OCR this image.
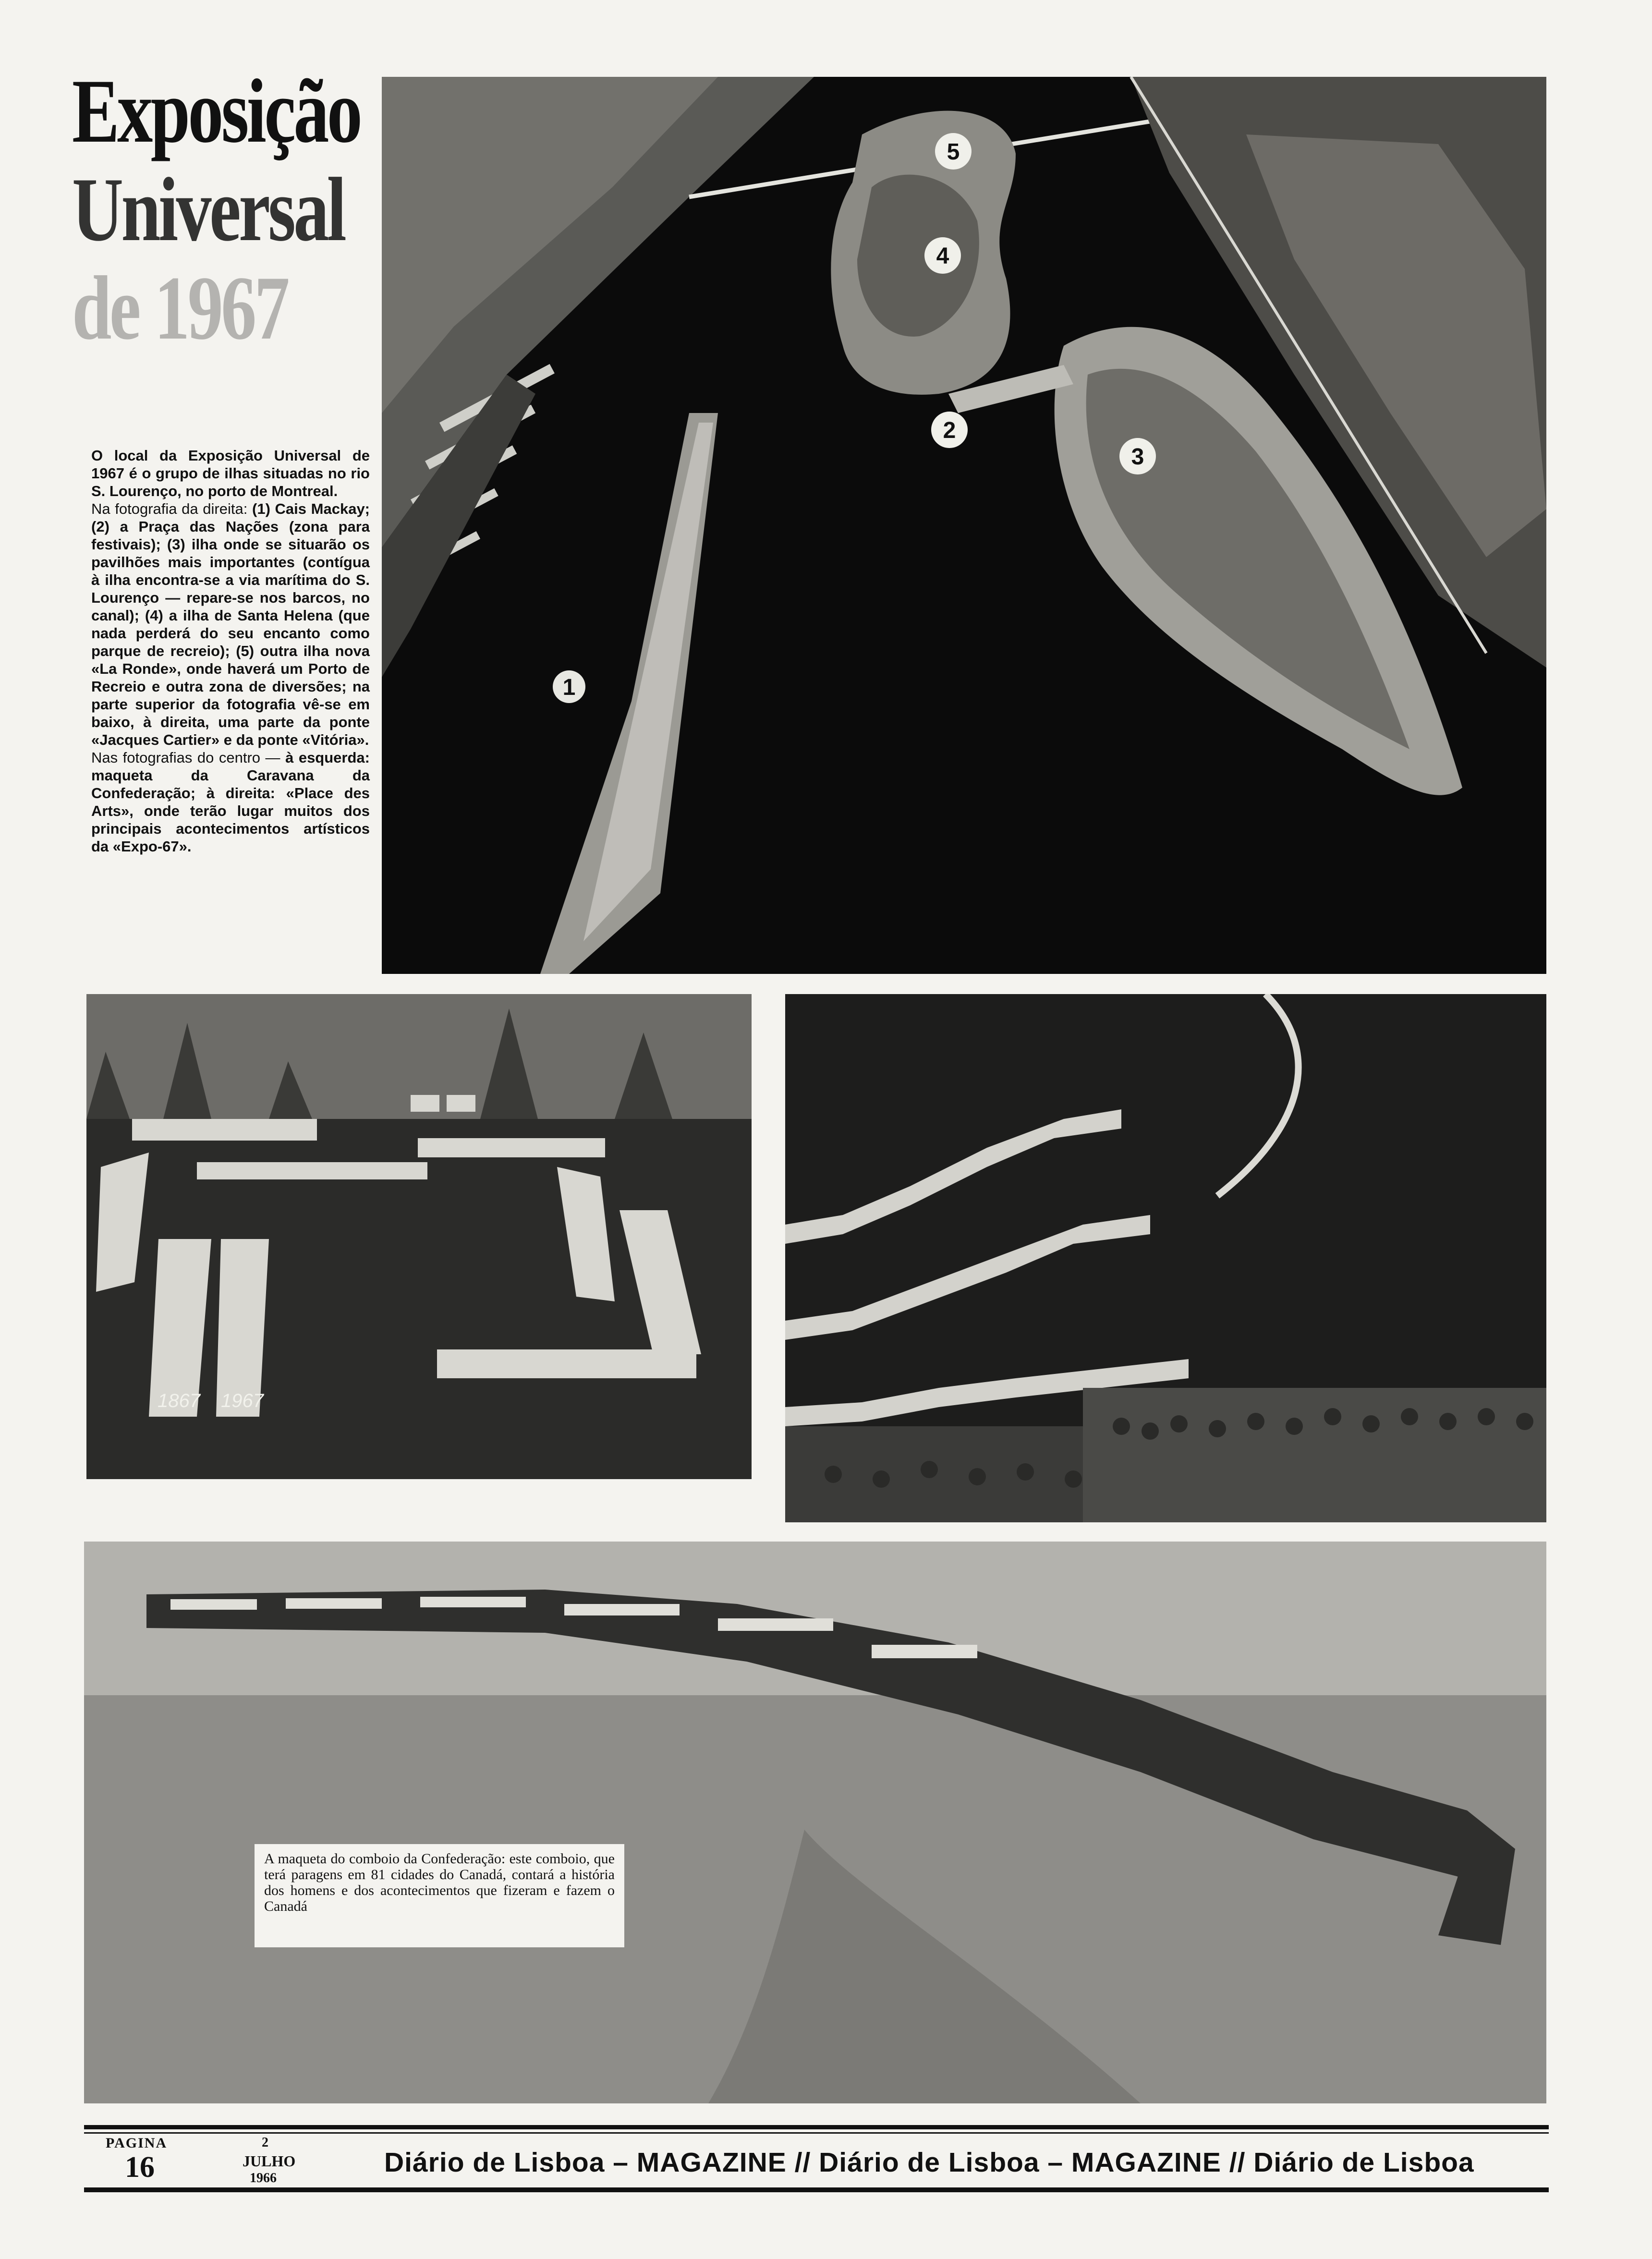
Exposição
Universal
de 1967

O local da Exposição Universal de 1967 é o grupo de ilhas situadas no rio S. Lourenço, no porto de Montreal.

Na fotografia da direita: (1) Cais Mackay; (2) a Praça das Nações (zona para festivais); (3) ilha onde se situarão os pavilhões mais importantes (contígua à ilha encontra-se a via marítima do S. Lourenço — repare-se nos barcos, no canal); (4) a ilha de Santa Helena (que nada perderá do seu encanto como parque de recreio); (5) outra ilha nova «La Ronde», onde haverá um Porto de Recreio e outra zona de diversões; na parte superior da fotografia vê-se em baixo, à direita, uma parte da ponte «Jacques Cartier» e da ponte «Vitória».

Nas fotografias do centro — à esquerda: maqueta da Caravana da Confederação; à direita: «Place des Arts», onde terão lugar muitos dos principais acontecimentos artísticos da «Expo-67».

1
2
3
4
5
1867 1967
A maqueta do comboio da Confederação: este comboio, que terá paragens em 81 cidades do Canadá, contará a história dos homens e dos acontecimentos que fizeram e fazem o Canadá
PAGINA
16
2
JULHO
1966
Diário de Lisboa – MAGAZINE // Diário de Lisboa – MAGAZINE // Diário de Lisboa
